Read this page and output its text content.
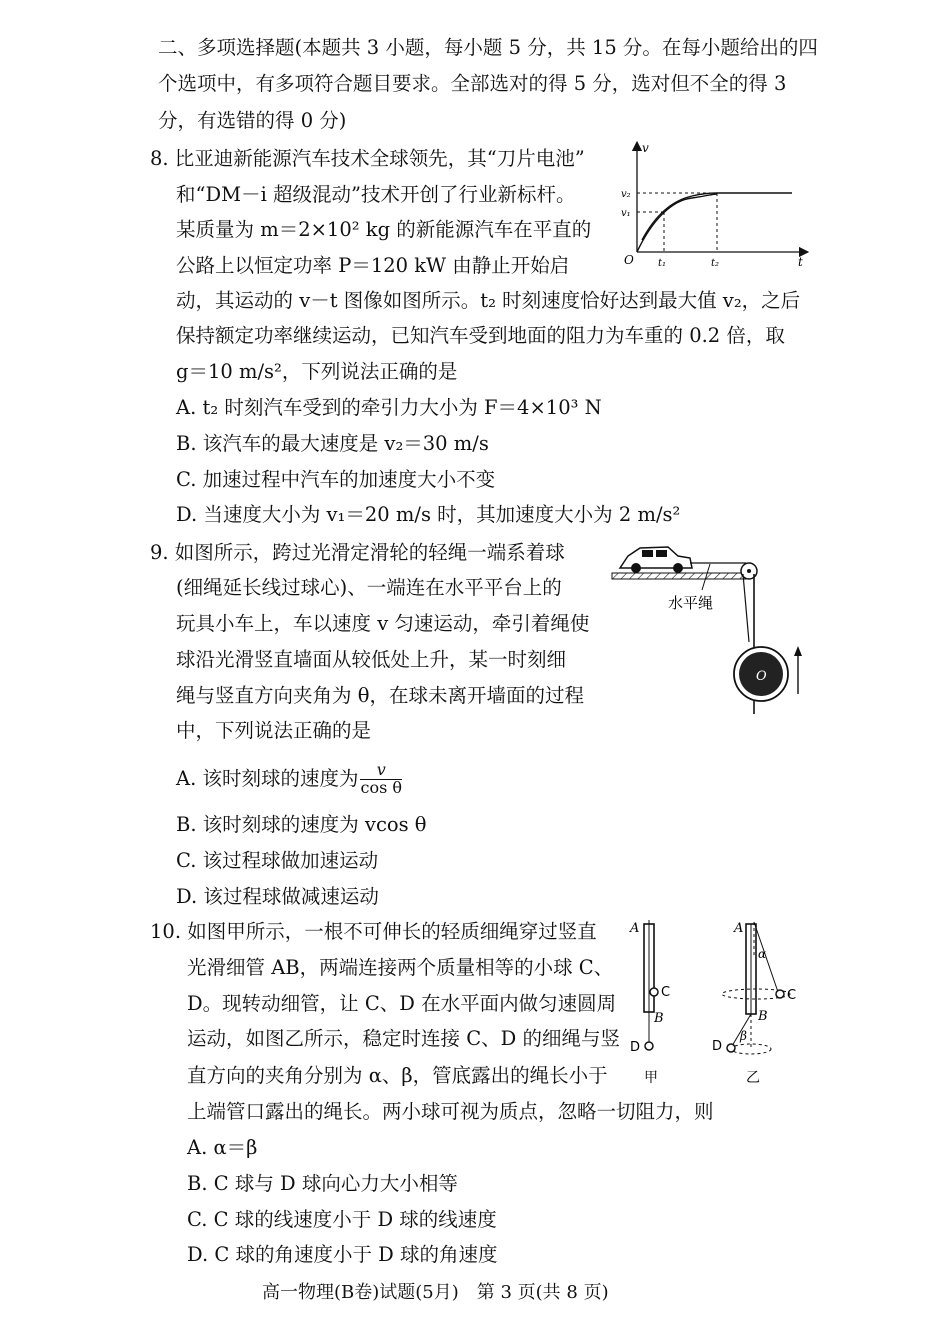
二、多项选择题(本题共 3 小题，每小题 5 分，共 15 分。在每小题给出的四
个选项中，有多项符合题目要求。全部选对的得 5 分，选对但不全的得 3
分，有选错的得 0 分)
8. 比亚迪新能源汽车技术全球领先，其“刀片电池”
和“DM－i 超级混动”技术开创了行业新标杆。
某质量为 m＝2×10² kg 的新能源汽车在平直的
公路上以恒定功率 P＝120 kW 由静止开始启
动，其运动的 v－t 图像如图所示。t₂ 时刻速度恰好达到最大值 v₂，之后
保持额定功率继续运动，已知汽车受到地面的阻力为车重的 0.2 倍，取
g＝10 m/s²，下列说法正确的是
A. t₂ 时刻汽车受到的牵引力大小为 F＝4×10³ N
B. 该汽车的最大速度是 v₂＝30 m/s
C. 加速过程中汽车的加速度大小不变
D. 当速度大小为 v₁＝20 m/s 时，其加速度大小为 2 m/s²
v
t
v₂
v₁
O t₁	t₂
9. 如图所示，跨过光滑定滑轮的轻绳一端系着球
(细绳延长线过球心)、一端连在水平平台上的
玩具小车上，车以速度 v 匀速运动，牵引着绳使
球沿光滑竖直墙面从较低处上升，某一时刻细
绳与竖直方向夹角为 θ，在球未离开墙面的过程
中，下列说法正确的是
A. 该时刻球的速度为 $\frac{v}{\text{cos θ}}$
B. 该时刻球的速度为 vcos θ
C. 该过程球做加速运动
D. 该过程球做减速运动
O
水平绳
10. 如图甲所示，一根不可伸长的轻质细绳穿过竖直
光滑细管 AB，两端连接两个质量相等的小球 C、
D。现转动细管，让 C、D 在水平面内做匀速圆周
运动，如图乙所示，稳定时连接 C、D 的细绳与竖
直方向的夹角分别为 α、β，管底露出的绳长小于
上端管口露出的绳长。两小球可视为质点，忽略一切阻力，则
A. α＝β
B. C 球与 D 球向心力大小相等
C. C 球的线速度小于 D 球的线速度
D. C 球的角速度小于 D 球的角速度
A
B
C
D
甲
A
B
C
D
α
β
乙
高一物理(B卷)试题(5月)　第 3 页(共 8 页)
